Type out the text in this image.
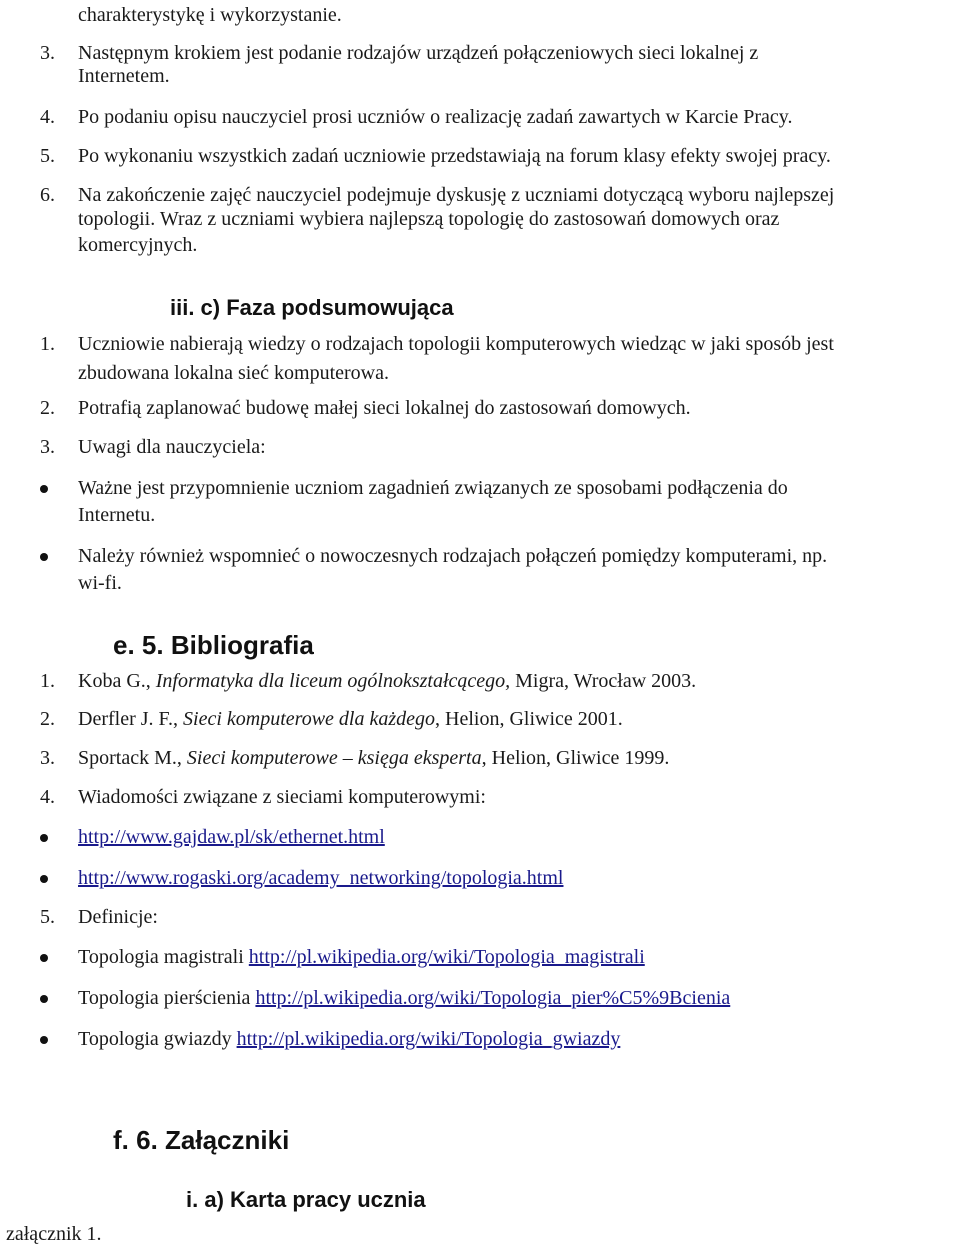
charakterystykę i wykorzystanie.
3. Następnym krokiem jest podanie rodzajów urządzeń połączeniowych sieci lokalnej z
Internetem.
4. Po podaniu opisu nauczyciel prosi uczniów o realizację zadań zawartych w Karcie Pracy.
5. Po wykonaniu wszystkich zadań uczniowie przedstawiają na forum klasy efekty swojej pracy.
6. Na zakończenie zajęć nauczyciel podejmuje dyskusję z uczniami dotyczącą wyboru najlepszej
topologii. Wraz z uczniami wybiera najlepszą topologię do zastosowań domowych oraz
komercyjnych.
iii. c) Faza podsumowująca
1. Uczniowie nabierają wiedzy o rodzajach topologii komputerowych wiedząc w jaki sposób jest
zbudowana lokalna sieć komputerowa.
2. Potrafią zaplanować budowę małej sieci lokalnej do zastosowań domowych.
3. Uwagi dla nauczyciela:
Ważne jest przypomnienie uczniom zagadnień związanych ze sposobami podłączenia do
Internetu.
Należy również wspomnieć o nowoczesnych rodzajach połączeń pomiędzy komputerami, np.
wi-fi.
e. 5. Bibliografia
1. Koba G., Informatyka dla liceum ogólnokształcącego, Migra, Wrocław 2003.
2. Derfler J. F., Sieci komputerowe dla każdego, Helion, Gliwice 2001.
3. Sportack M., Sieci komputerowe – księga eksperta, Helion, Gliwice 1999.
4. Wiadomości związane z sieciami komputerowymi:
http://www.gajdaw.pl/sk/ethernet.html
http://www.rogaski.org/academy_networking/topologia.html
5. Definicje:
Topologia magistrali http://pl.wikipedia.org/wiki/Topologia_magistrali
Topologia pierścienia http://pl.wikipedia.org/wiki/Topologia_pier%C5%9Bcienia
Topologia gwiazdy http://pl.wikipedia.org/wiki/Topologia_gwiazdy
f. 6. Załączniki
i. a) Karta pracy ucznia
załącznik 1.
